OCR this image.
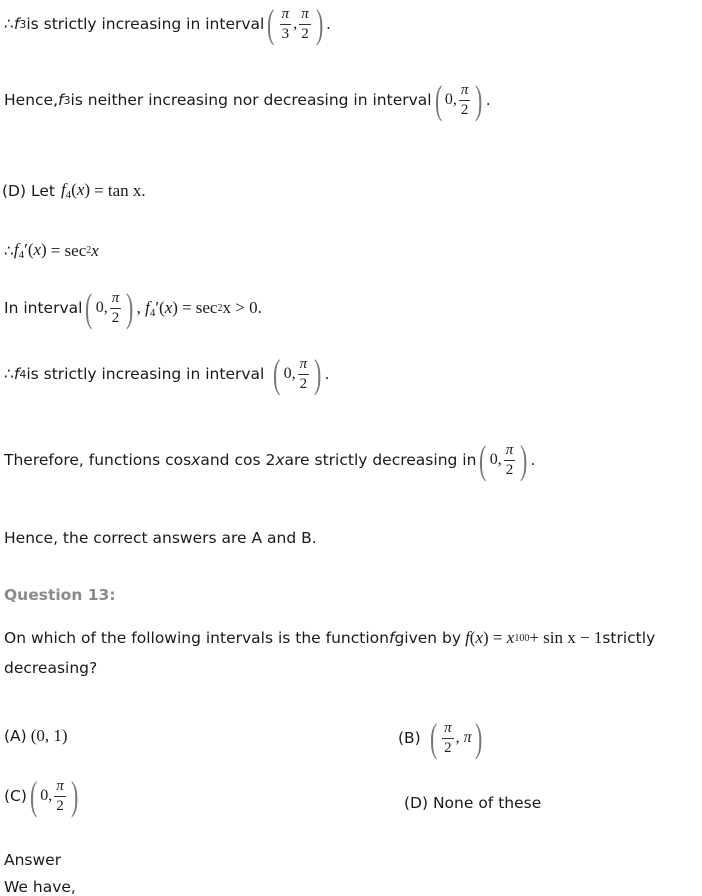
∴ f 3 is strictly increasing in interval ( $\frac{\pi}{3}$ , $\frac{\pi}{2}$ ) .
Hence, f 3 is neither increasing nor decreasing in interval ( 0, $\frac{\pi}{2}$ ) .
(D) Let $f_4(x) = \tan x$.
∴ $f_4'(x) = \sec 2$ x
In interval ( 0, $\frac{\pi}{2}$ ) , $f_4'(x) = \sec 2$ x > 0.
∴ f 4 is strictly increasing in interval ( 0, $\frac{\pi}{2}$ ) .
Therefore, functions cos x and cos 2 x are strictly decreasing in ( 0, $\frac{\pi}{2}$ ) .
Hence, the correct answers are A and B.
Question 13:
On which of the following intervals is the function f given by f(x) = x 100 + sin x − 1 strictly
decreasing?
(A) (0, 1)	(B) ( $\frac{\pi}{2}$ , π )
(C) ( 0, $\frac{\pi}{2}$ )	(D) None of these
Answer
We have,
